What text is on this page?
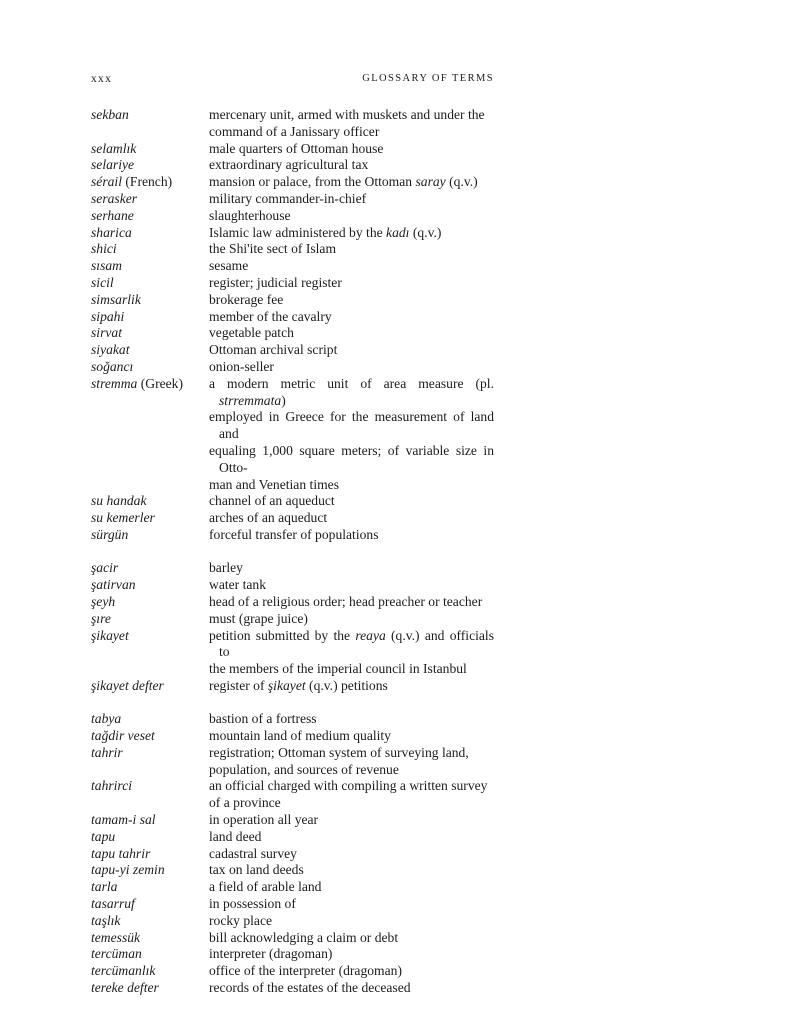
xxx	GLOSSARY OF TERMS
sekban	mercenary unit, armed with muskets and under the
command of a Janissary officer
selamlık	male quarters of Ottoman house
selariye	extraordinary agricultural tax
sérail (French)	mansion or palace, from the Ottoman saray (q.v.)
serasker	military commander-in-chief
serhane	slaughterhouse
sharicа	Islamic law administered by the kadı (q.v.)
shicі	the Shi'ite sect of Islam
sısam	sesame
sicil	register; judicial register
simsarlik	brokerage fee
sipahi	member of the cavalry
sirvat	vegetable patch
siyakat	Ottoman archival script
soğancı	onion-seller
stremma (Greek)	a modern metric unit of area measure (pl. strremmata)
employed in Greece for the measurement of land and
equaling 1,000 square meters; of variable size in Otto-
man and Venetian times
su handak	channel of an aqueduct
su kemerler	arches of an aqueduct
sürgün	forceful transfer of populations
şacir	barley
şatirvan	water tank
şeyh	head of a religious order; head preacher or teacher
şıre	must (grape juice)
şikayet	petition submitted by the reaya (q.v.) and officials to
the members of the imperial council in Istanbul
şikayet defter	register of şikayet (q.v.) petitions
tabya	bastion of a fortress
tağdir veset	mountain land of medium quality
tahrir	registration; Ottoman system of surveying land,
population, and sources of revenue
tahrirci	an official charged with compiling a written survey
of a province
tamam-i sal	in operation all year
tapu	land deed
tapu tahrir	cadastral survey
tapu-yi zemin	tax on land deeds
tarla	a field of arable land
tasarruf	in possession of
taşlık	rocky place
temessük	bill acknowledging a claim or debt
tercüman	interpreter (dragoman)
tercümanlık	office of the interpreter (dragoman)
tereke defter	records of the estates of the deceased
